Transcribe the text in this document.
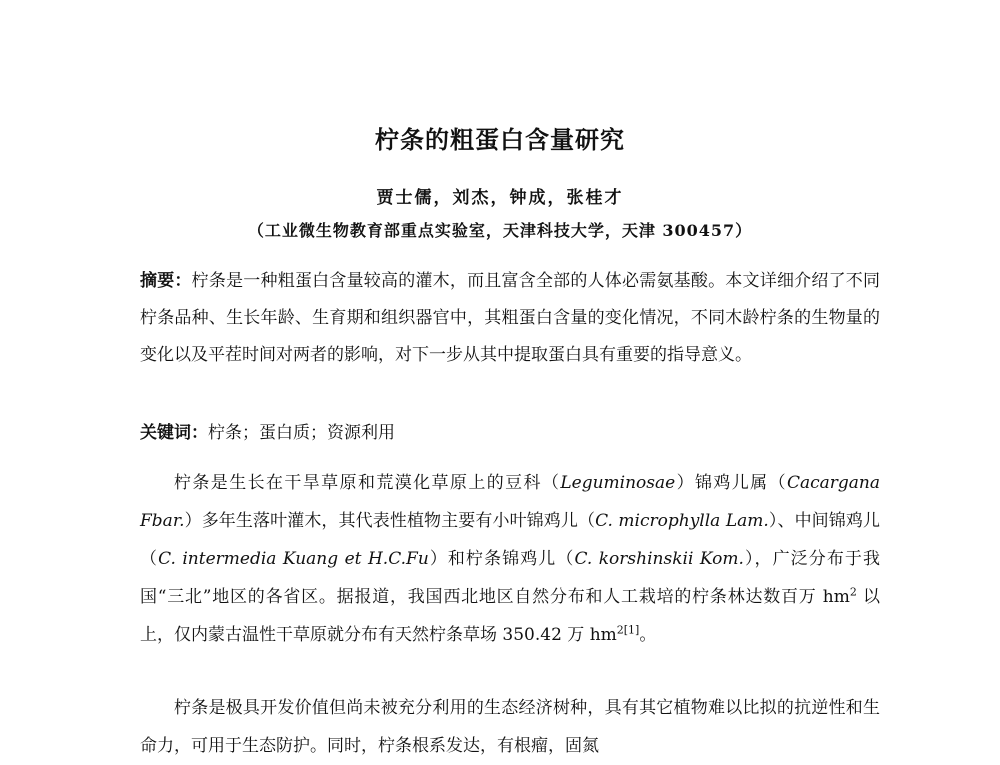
柠条的粗蛋白含量研究
贾士儒，刘杰，钟成，张桂才
（工业微生物教育部重点实验室，天津科技大学，天津 300457）

摘要：柠条是一种粗蛋白含量较高的灌木，而且富含全部的人体必需氨基酸。本文详细介绍了不同柠条品种、生长年龄、生育期和组织器官中，其粗蛋白含量的变化情况，不同木龄柠条的生物量的变化以及平茬时间对两者的影响，对下一步从其中提取蛋白具有重要的指导意义。

关键词：柠条；蛋白质；资源利用

柠条是生长在干旱草原和荒漠化草原上的豆科（Leguminosae）锦鸡儿属（Cacargana Fbar.）多年生落叶灌木，其代表性植物主要有小叶锦鸡儿（C. microphylla Lam.）、中间锦鸡儿（C. intermedia Kuang et H.C.Fu）和柠条锦鸡儿（C. korshinskii Kom.），广泛分布于我国“三北”地区的各省区。据报道，我国西北地区自然分布和人工栽培的柠条林达数百万 $hm^2$ 以上，仅内蒙古温性干草原就分布有天然柠条草场 350.42 万 $hm^{2[1]}$。

柠条是极具开发价值但尚未被充分利用的生态经济树种，具有其它植物难以比拟的抗逆性和生命力，可用于生态防护。同时，柠条根系发达，有根瘤，固氮
